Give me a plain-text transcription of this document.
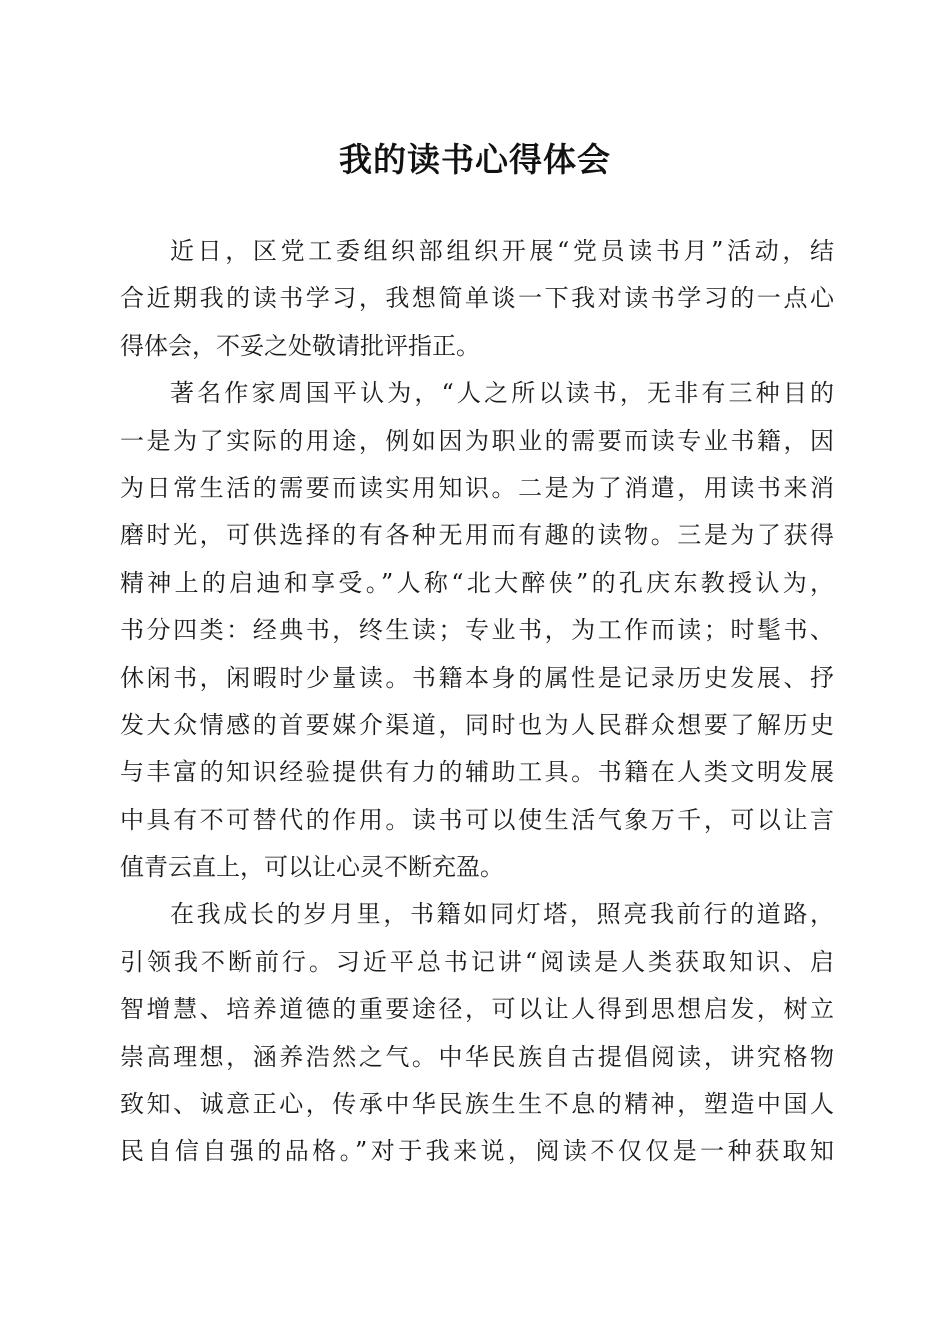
我的读书心得体会
近日，区党工委组织部组织开展“党员读书月”活动，结
合近期我的读书学习，我想简单谈一下我对读书学习的一点心
得体会，不妥之处敬请批评指正。
著名作家周国平认为，“人之所以读书，无非有三种目的
一是为了实际的用途，例如因为职业的需要而读专业书籍，因
为日常生活的需要而读实用知识。二是为了消遣，用读书来消
磨时光，可供选择的有各种无用而有趣的读物。三是为了获得
精神上的启迪和享受。”人称“北大醉侠”的孔庆东教授认为，
书分四类：经典书，终生读；专业书，为工作而读；时髦书、
休闲书，闲暇时少量读。书籍本身的属性是记录历史发展、抒
发大众情感的首要媒介渠道，同时也为人民群众想要了解历史
与丰富的知识经验提供有力的辅助工具。书籍在人类文明发展
中具有不可替代的作用。读书可以使生活气象万千，可以让言
值青云直上，可以让心灵不断充盈。
在我成长的岁月里，书籍如同灯塔，照亮我前行的道路，
引领我不断前行。习近平总书记讲“阅读是人类获取知识、启
智增慧、培养道德的重要途径，可以让人得到思想启发，树立
崇高理想，涵养浩然之气。中华民族自古提倡阅读，讲究格物
致知、诚意正心，传承中华民族生生不息的精神，塑造中国人
民自信自强的品格。”对于我来说，阅读不仅仅是一种获取知
